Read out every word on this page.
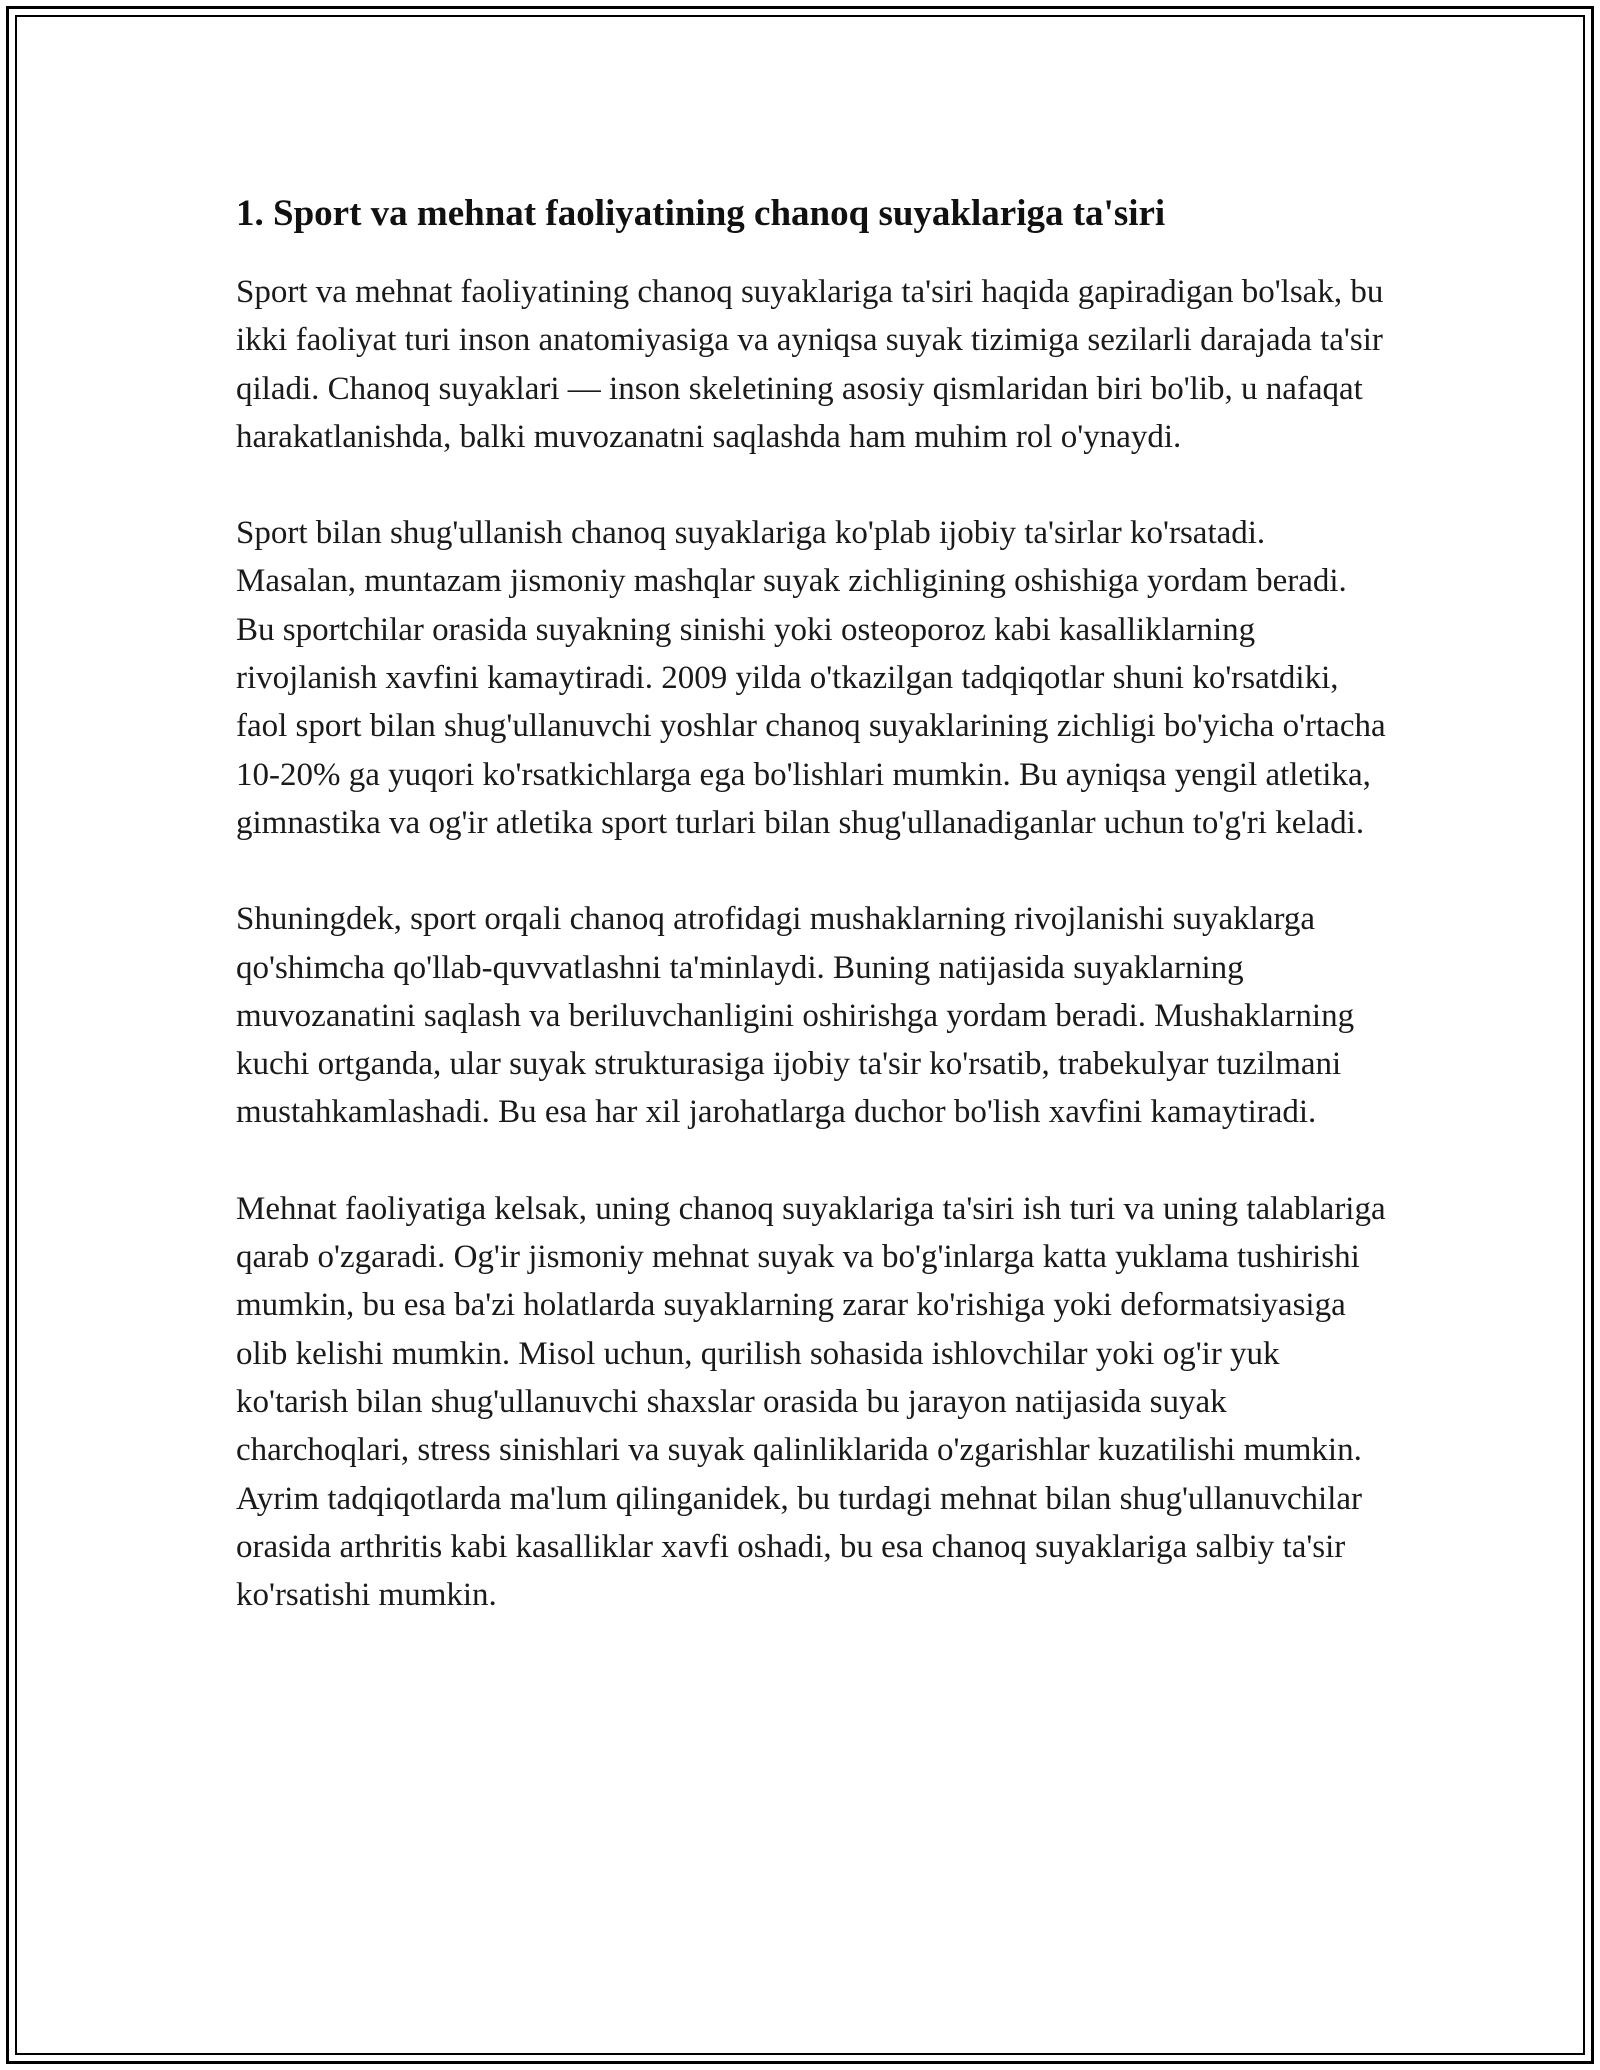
1. Sport va mehnat faoliyatining chanoq suyaklariga ta'siri

Sport va mehnat faoliyatining chanoq suyaklariga ta'siri haqida gapiradigan bo'lsak, bu ikki faoliyat turi inson anatomiyasiga va ayniqsa suyak tizimiga sezilarli darajada ta'sir qiladi. Chanoq suyaklari — inson skeletining asosiy qismlaridan biri bo'lib, u nafaqat harakatlanishda, balki muvozanatni saqlashda ham muhim rol o'ynaydi.

Sport bilan shug'ullanish chanoq suyaklariga ko'plab ijobiy ta'sirlar ko'rsatadi. Masalan, muntazam jismoniy mashqlar suyak zichligining oshishiga yordam beradi. Bu sportchilar orasida suyakning sinishi yoki osteoporoz kabi kasalliklarning rivojlanish xavfini kamaytiradi. 2009 yilda o'tkazilgan tadqiqotlar shuni ko'rsatdiki, faol sport bilan shug'ullanuvchi yoshlar chanoq suyaklarining zichligi bo'yicha o'rtacha 10-20% ga yuqori ko'rsatkichlarga ega bo'lishlari mumkin. Bu ayniqsa yengil atletika, gimnastika va og'ir atletika sport turlari bilan shug'ullanadiganlar uchun to'g'ri keladi.

Shuningdek, sport orqali chanoq atrofidagi mushaklarning rivojlanishi suyaklarga qo'shimcha qo'llab-quvvatlashni ta'minlaydi. Buning natijasida suyaklarning muvozanatini saqlash va beriluvchanligini oshirishga yordam beradi. Mushaklarning kuchi ortganda, ular suyak strukturasiga ijobiy ta'sir ko'rsatib, trabekulyar tuzilmani mustahkamlashadi. Bu esa har xil jarohatlarga duchor bo'lish xavfini kamaytiradi.

Mehnat faoliyatiga kelsak, uning chanoq suyaklariga ta'siri ish turi va uning talablariga qarab o'zgaradi. Og'ir jismoniy mehnat suyak va bo'g'inlarga katta yuklama tushirishi mumkin, bu esa ba'zi holatlarda suyaklarning zarar ko'rishiga yoki deformatsiyasiga olib kelishi mumkin. Misol uchun, qurilish sohasida ishlovchilar yoki og'ir yuk ko'tarish bilan shug'ullanuvchi shaxslar orasida bu jarayon natijasida suyak charchoqlari, stress sinishlari va suyak qalinliklarida o'zgarishlar kuzatilishi mumkin. Ayrim tadqiqotlarda ma'lum qilinganidek, bu turdagi mehnat bilan shug'ullanuvchilar orasida arthritis kabi kasalliklar xavfi oshadi, bu esa chanoq suyaklariga salbiy ta'sir ko'rsatishi mumkin.
